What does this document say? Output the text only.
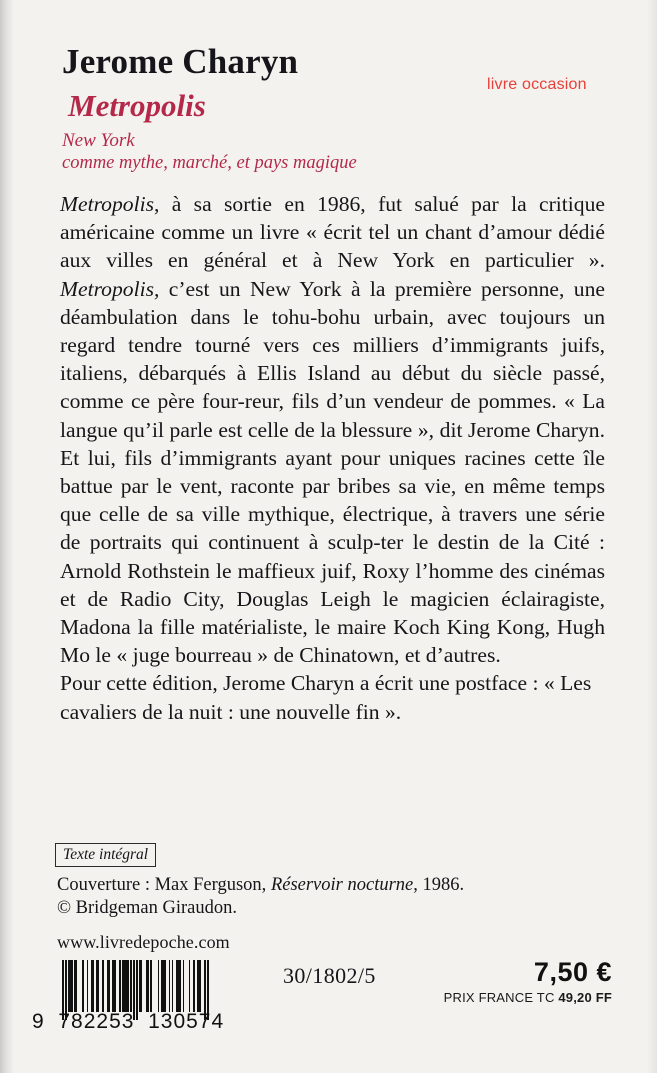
Jerome Charyn
Metropolis
New York
comme mythe, marché, et pays magique
livre occasion

Metropolis, à sa sortie en 1986, fut salué par la critique américaine comme un livre « écrit tel un chant d’amour dédié aux villes en général et à New York en particulier ». Metropolis, c’est un New York à la première personne, une déambulation dans le tohu-bohu urbain, avec toujours un regard tendre tourné vers ces milliers d’immigrants juifs, italiens, débarqués à Ellis Island au début du siècle passé, comme ce père four-reur, fils d’un vendeur de pommes. « La langue qu’il parle est celle de la blessure », dit Jerome Charyn. Et lui, fils d’immigrants ayant pour uniques racines cette île battue par le vent, raconte par bribes sa vie, en même temps que celle de sa ville mythique, électrique, à travers une série de portraits qui continuent à sculp-ter le destin de la Cité : Arnold Rothstein le maffieux juif, Roxy l’homme des cinémas et de Radio City, Douglas Leigh le magicien éclairagiste, Madona la fille matérialiste, le maire Koch King Kong, Hugh Mo le « juge bourreau » de Chinatown, et d’autres.

Pour cette édition, Jerome Charyn a écrit une postface : « Les cavaliers de la nuit : une nouvelle fin ».

Texte intégral
Couverture : Max Ferguson, Réservoir nocturne, 1986.
© Bridgeman Giraudon.
www.livredepoche.com
9  782253  130574
30/1802/5	7,50 €
PRIX FRANCE TC 49,20 FF
